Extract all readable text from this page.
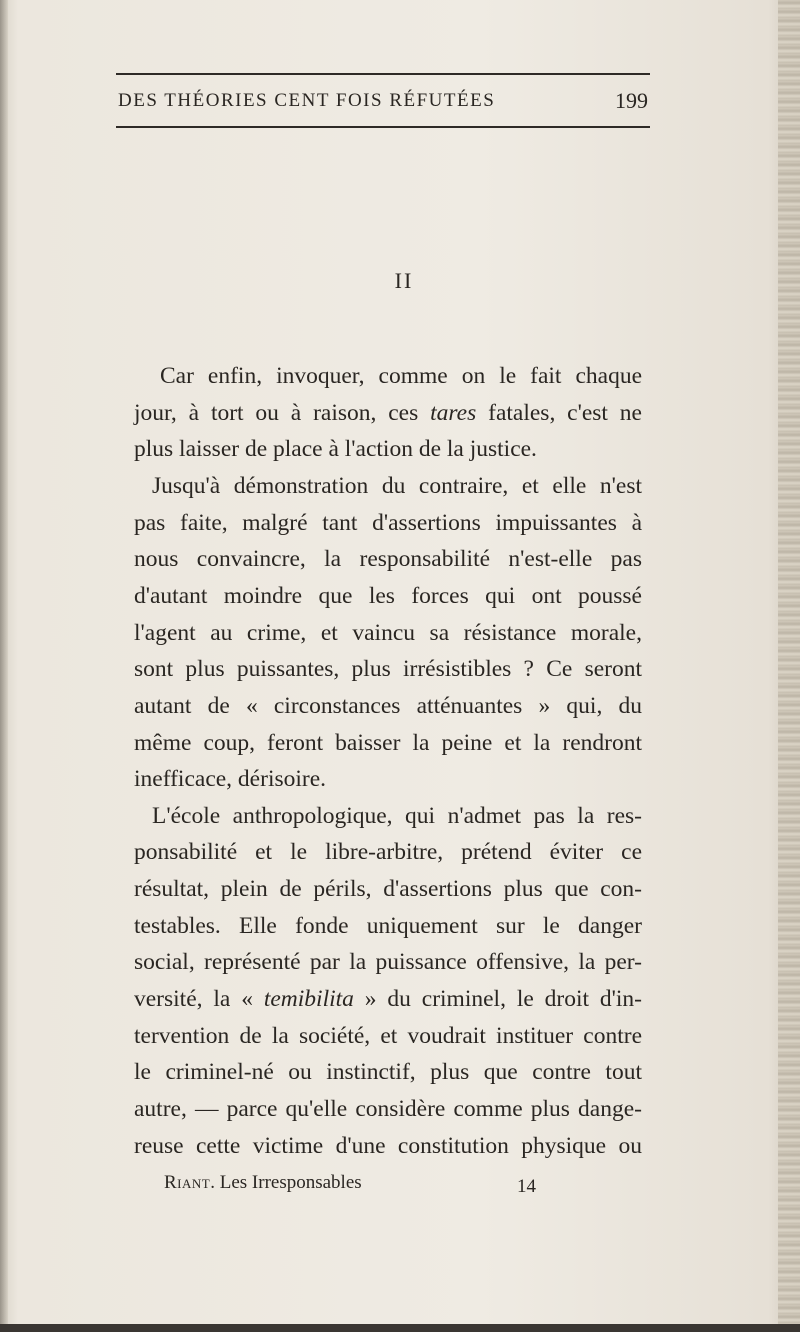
DES THÉORIES CENT FOIS RÉFUTÉES	199
II
Car enfin, invoquer, comme on le fait chaque
jour, à tort ou à raison, ces tares fatales, c'est ne
plus laisser de place à l'action de la justice.
Jusqu'à démonstration du contraire, et elle n'est
pas faite, malgré tant d'assertions impuissantes à
nous convaincre, la responsabilité n'est-elle pas
d'autant moindre que les forces qui ont poussé
l'agent au crime, et vaincu sa résistance morale,
sont plus puissantes, plus irrésistibles ? Ce seront
autant de « circonstances atténuantes » qui, du
même coup, feront baisser la peine et la rendront
inefficace, dérisoire.
L'école anthropologique, qui n'admet pas la res-
ponsabilité et le libre-arbitre, prétend éviter ce
résultat, plein de périls, d'assertions plus que con-
testables. Elle fonde uniquement sur le danger
social, représenté par la puissance offensive, la per-
versité, la « temibilita » du criminel, le droit d'in-
tervention de la société, et voudrait instituer contre
le criminel-né ou instinctif, plus que contre tout
autre, — parce qu'elle considère comme plus dange-
reuse cette victime d'une constitution physique ou
Riant. Les Irresponsables	14
